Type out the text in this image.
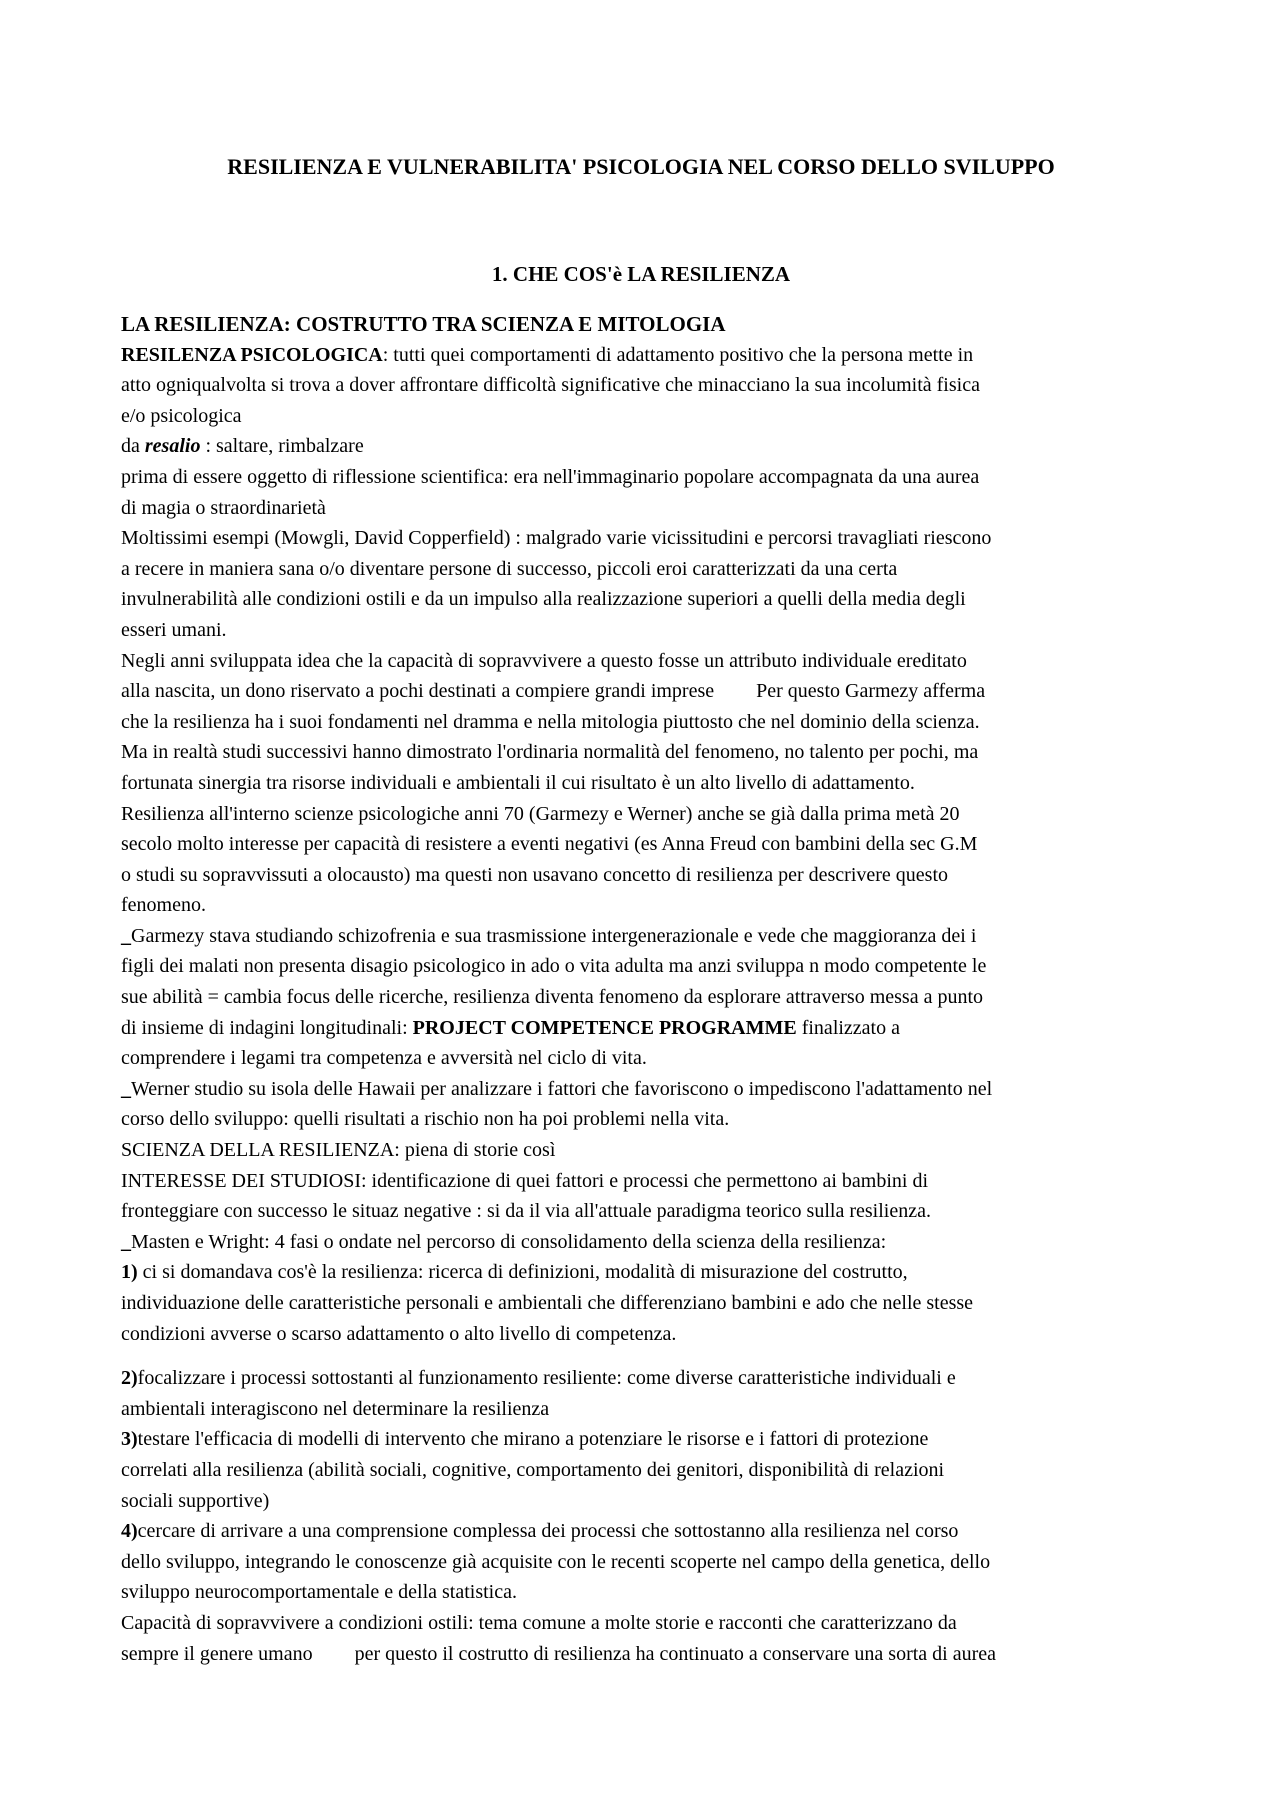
RESILIENZA E VULNERABILITA' PSICOLOGIA NEL CORSO DELLO SVILUPPO
1. CHE COS'è LA RESILIENZA

LA RESILIENZA: COSTRUTTO TRA SCIENZA E MITOLOGIA

RESILENZA PSICOLOGICA: tutti quei comportamenti di adattamento positivo che la persona mette in

atto ogniqualvolta si trova a dover affrontare difficoltà significative che minacciano la sua incolumità fisica

e/o psicologica

da resalio : saltare, rimbalzare

prima di essere oggetto di riflessione scientifica: era nell'immaginario popolare accompagnata da una aurea

di magia o straordinarietà

Moltissimi esempi (Mowgli, David Copperfield) : malgrado varie vicissitudini e percorsi travagliati riescono

a recere in maniera sana o/o diventare persone di successo, piccoli eroi caratterizzati da una certa

invulnerabilità alle condizioni ostili e da un impulso alla realizzazione superiori a quelli della media degli

esseri umani.

Negli anni sviluppata idea che la capacità di sopravvivere a questo fosse un attributo individuale ereditato

alla nascita, un dono riservato a pochi destinati a compiere grandi imprese Per questo Garmezy afferma

che la resilienza ha i suoi fondamenti nel dramma e nella mitologia piuttosto che nel dominio della scienza.

Ma in realtà studi successivi hanno dimostrato l'ordinaria normalità del fenomeno, no talento per pochi, ma

fortunata sinergia tra risorse individuali e ambientali il cui risultato è un alto livello di adattamento.

Resilienza all'interno scienze psicologiche anni 70 (Garmezy e Werner) anche se già dalla prima metà 20

secolo molto interesse per capacità di resistere a eventi negativi (es Anna Freud con bambini della sec G.M

o studi su sopravvissuti a olocausto) ma questi non usavano concetto di resilienza per descrivere questo

fenomeno.

_Garmezy stava studiando schizofrenia e sua trasmissione intergenerazionale e vede che maggioranza dei i

figli dei malati non presenta disagio psicologico in ado o vita adulta ma anzi sviluppa n modo competente le

sue abilità = cambia focus delle ricerche, resilienza diventa fenomeno da esplorare attraverso messa a punto

di insieme di indagini longitudinali: PROJECT COMPETENCE PROGRAMME finalizzato a

comprendere i legami tra competenza e avversità nel ciclo di vita.

_Werner studio su isola delle Hawaii per analizzare i fattori che favoriscono o impediscono l'adattamento nel

corso dello sviluppo: quelli risultati a rischio non ha poi problemi nella vita.

SCIENZA DELLA RESILIENZA: piena di storie così

INTERESSE DEI STUDIOSI: identificazione di quei fattori e processi che permettono ai bambini di

fronteggiare con successo le situaz negative : si da il via all'attuale paradigma teorico sulla resilienza.

_Masten e Wright: 4 fasi o ondate nel percorso di consolidamento della scienza della resilienza:

1) ci si domandava cos'è la resilienza: ricerca di definizioni, modalità di misurazione del costrutto,

individuazione delle caratteristiche personali e ambientali che differenziano bambini e ado che nelle stesse

condizioni avverse o scarso adattamento o alto livello di competenza.

2)focalizzare i processi sottostanti al funzionamento resiliente: come diverse caratteristiche individuali e

ambientali interagiscono nel determinare la resilienza

3)testare l'efficacia di modelli di intervento che mirano a potenziare le risorse e i fattori di protezione

correlati alla resilienza (abilità sociali, cognitive, comportamento dei genitori, disponibilità di relazioni

sociali supportive)

4)cercare di arrivare a una comprensione complessa dei processi che sottostanno alla resilienza nel corso

dello sviluppo, integrando le conoscenze già acquisite con le recenti scoperte nel campo della genetica, dello

sviluppo neurocomportamentale e della statistica.

Capacità di sopravvivere a condizioni ostili: tema comune a molte storie e racconti che caratterizzano da

sempre il genere umano per questo il costrutto di resilienza ha continuato a conservare una sorta di aurea
